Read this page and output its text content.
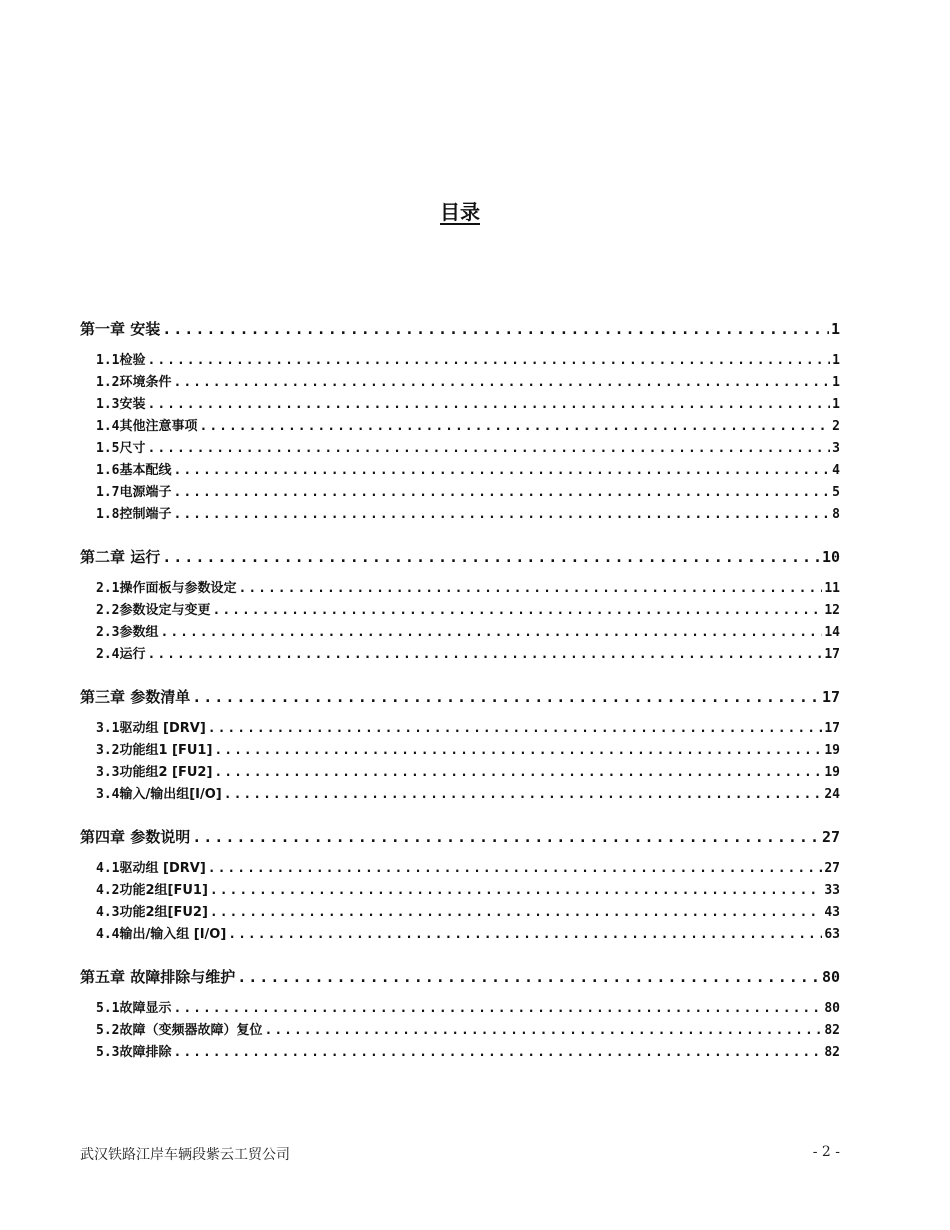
目录
第一章 安装 .....	1
1.1 检验 .....	1
1.2 环境条件 .....	1
1.3 安装 .....	1
1.4 其他注意事项 .....	2
1.5 尺寸 .....	3
1.6 基本配线 .....	4
1.7 电源端子 .....	5
1.8 控制端子 .....	8
第二章 运行 .....	10
2.1 操作面板与参数设定 .....	11
2.2 参数设定与变更 .....	12
2.3 参数组 .....	14
2.4 运行 .....	17
第三章 参数清单 .....	17
3.1 驱动组 [DRV] .....	17
3.2 功能组1 [FU1] .....	19
3.3 功能组2 [FU2] .....	19
3.4 输入/输出组[I/O] .....	24
第四章 参数说明 .....	27
4.1 驱动组 [DRV] .....	27
4.2 功能2组[FU1] .....	33
4.3 功能2组[FU2] .....	43
4.4 输出/输入组 [I/O] .....	63
第五章 故障排除与维护 .....	80
5.1 故障显示 .....	80
5.2 故障（变频器故障）复位 .....	82
5.3 故障排除 .....	82
武汉铁路江岸车辆段紫云工贸公司	- 2 -
